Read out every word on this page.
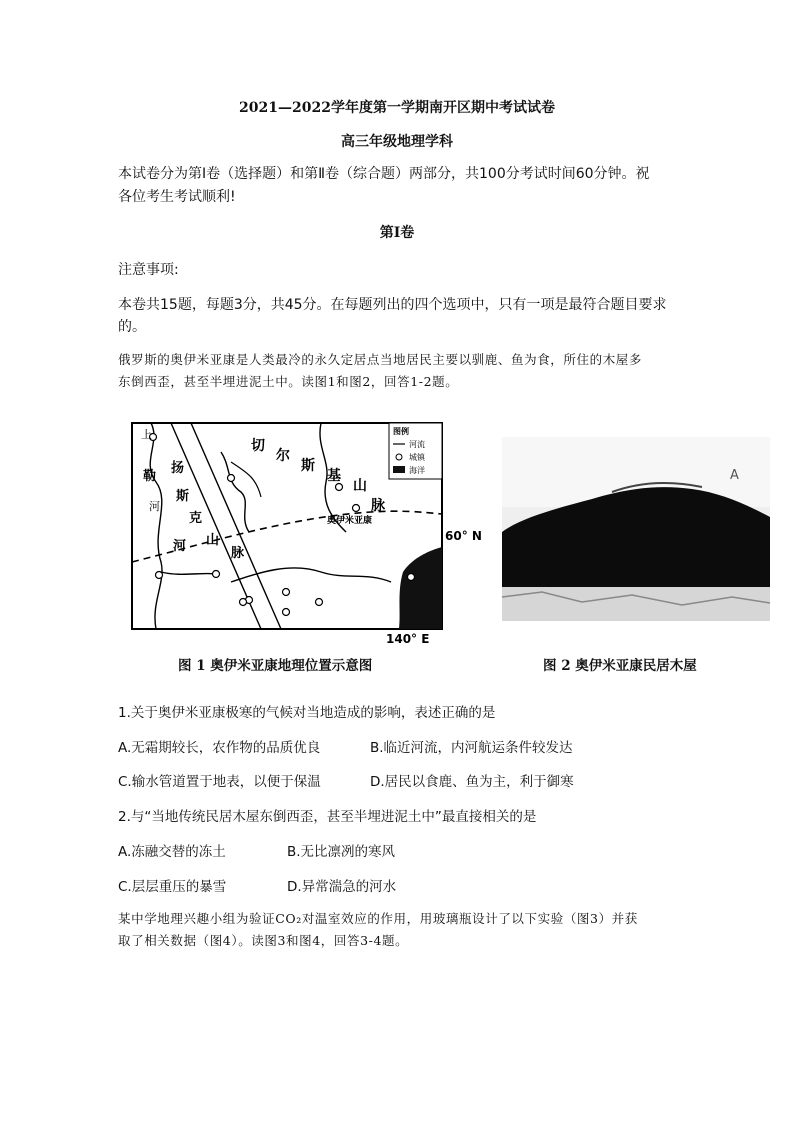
2021—2022学年度第一学期南开区期中考试试卷
高三年级地理学科
本试卷分为第Ⅰ卷（选择题）和第Ⅱ卷（综合题）两部分，共100分考试时间60分钟。祝
各位考生考试顺利!
第Ⅰ卷
注意事项:
本卷共15题，每题3分，共45分。在每题列出的四个选项中，只有一项是最符合题目要求
的。
俄罗斯的奥伊米亚康是人类最冷的永久定居点当地居民主要以驯鹿、鱼为食，所住的木屋多
东倒西歪，甚至半埋进泥土中。读图1和图2，回答1-2题。
图例
河流
城镇
海洋
上
勒
扬
斯
克
河
河 山
脉
切
尔
斯
基
山
脉
奥伊米亚康
60° N
140° E
图 1 奥伊米亚康地理位置示意图
A
图 2 奥伊米亚康民居木屋
1.关于奥伊米亚康极寒的气候对当地造成的影响，表述正确的是
A.无霜期较长，农作物的品质优良	B.临近河流，内河航运条件较发达
C.输水管道置于地表，以便于保温	D.居民以食鹿、鱼为主，利于御寒
2.与“当地传统民居木屋东倒西歪，甚至半埋进泥土中”最直接相关的是
A.冻融交替的冻土	B.无比凛冽的寒风
C.层层重压的暴雪	D.异常湍急的河水
某中学地理兴趣小组为验证CO₂对温室效应的作用，用玻璃瓶设计了以下实验（图3）并获
取了相关数据（图4）。读图3和图4，回答3-4题。
